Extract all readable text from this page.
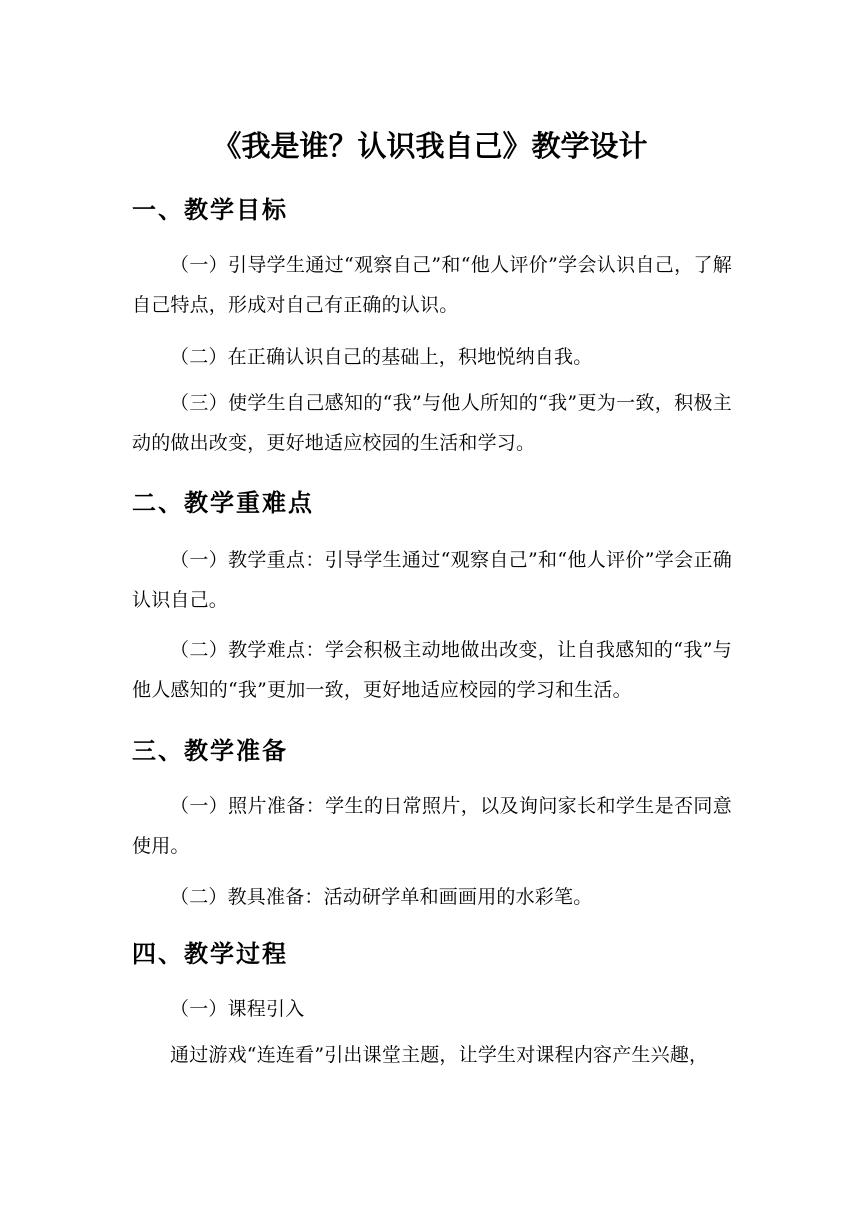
《我是谁？认识我自己》教学设计
一、教学目标
（一）引导学生通过“观察自己”和“他人评价”学会认识自己，了解自己特点，形成对自己有正确的认识。
（二）在正确认识自己的基础上，积地悦纳自我。
（三）使学生自己感知的“我”与他人所知的“我”更为一致，积极主动的做出改变，更好地适应校园的生活和学习。
二、教学重难点
（一）教学重点：引导学生通过“观察自己”和“他人评价”学会正确认识自己。
（二）教学难点：学会积极主动地做出改变，让自我感知的“我”与他人感知的“我”更加一致，更好地适应校园的学习和生活。
三、教学准备
（一）照片准备：学生的日常照片，以及询问家长和学生是否同意使用。
（二）教具准备：活动研学单和画画用的水彩笔。
四、教学过程
（一）课程引入
通过游戏“连连看”引出课堂主题，让学生对课程内容产生兴趣，
